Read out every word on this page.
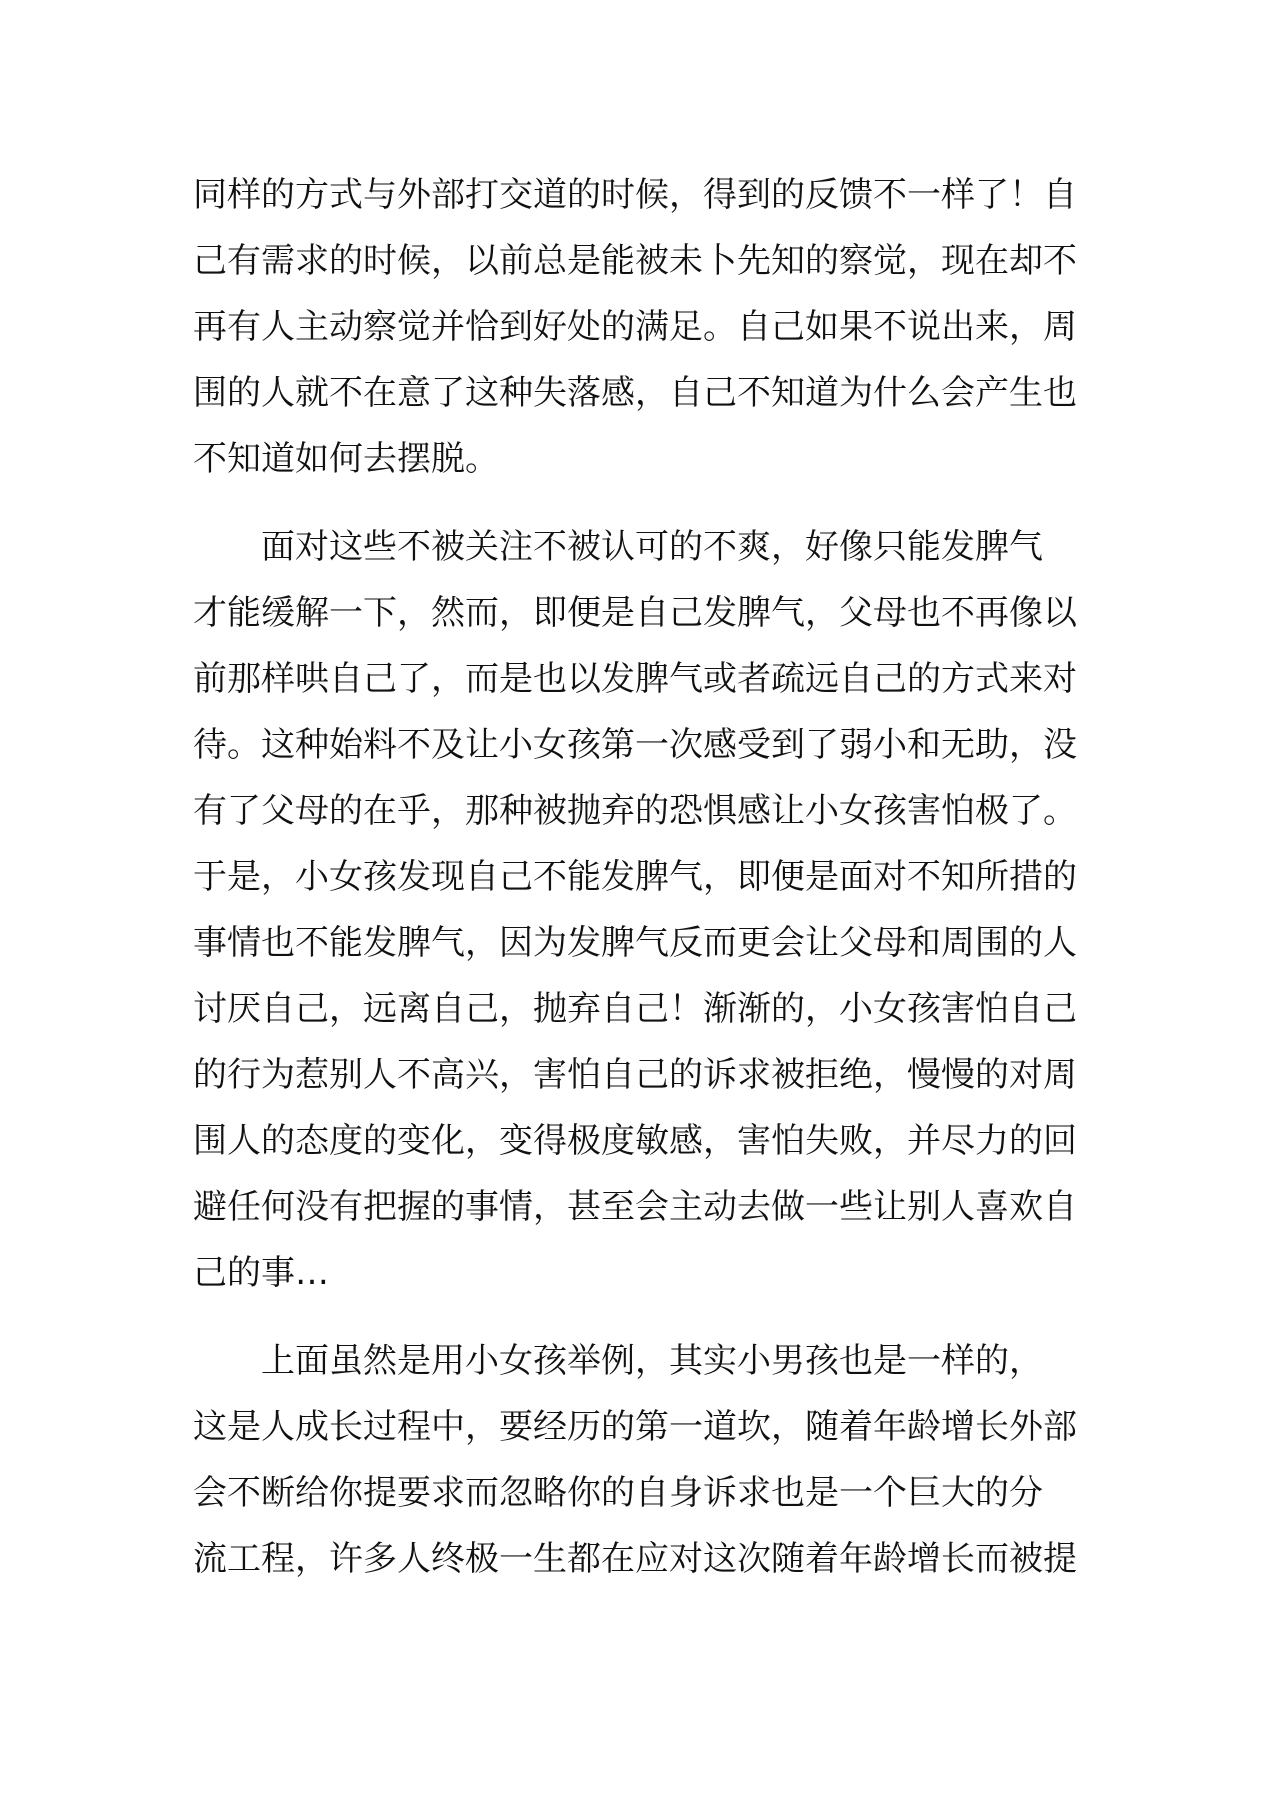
同样的方式与外部打交道的时候，得到的反馈不一样了！自
己有需求的时候，以前总是能被未卜先知的察觉，现在却不
再有人主动察觉并恰到好处的满足。自己如果不说出来，周
围的人就不在意了这种失落感，自己不知道为什么会产生也
不知道如何去摆脱。
　　面对这些不被关注不被认可的不爽，好像只能发脾气
才能缓解一下，然而，即便是自己发脾气，父母也不再像以
前那样哄自己了，而是也以发脾气或者疏远自己的方式来对
待。这种始料不及让小女孩第一次感受到了弱小和无助，没
有了父母的在乎，那种被抛弃的恐惧感让小女孩害怕极了。
于是，小女孩发现自己不能发脾气，即便是面对不知所措的
事情也不能发脾气，因为发脾气反而更会让父母和周围的人
讨厌自己，远离自己，抛弃自己！渐渐的，小女孩害怕自己
的行为惹别人不高兴，害怕自己的诉求被拒绝，慢慢的对周
围人的态度的变化，变得极度敏感，害怕失败，并尽力的回
避任何没有把握的事情，甚至会主动去做一些让别人喜欢自
己的事…
　　上面虽然是用小女孩举例，其实小男孩也是一样的，
这是人成长过程中，要经历的第一道坎，随着年龄增长外部
会不断给你提要求而忽略你的自身诉求也是一个巨大的分
流工程，许多人终极一生都在应对这次随着年龄增长而被提
